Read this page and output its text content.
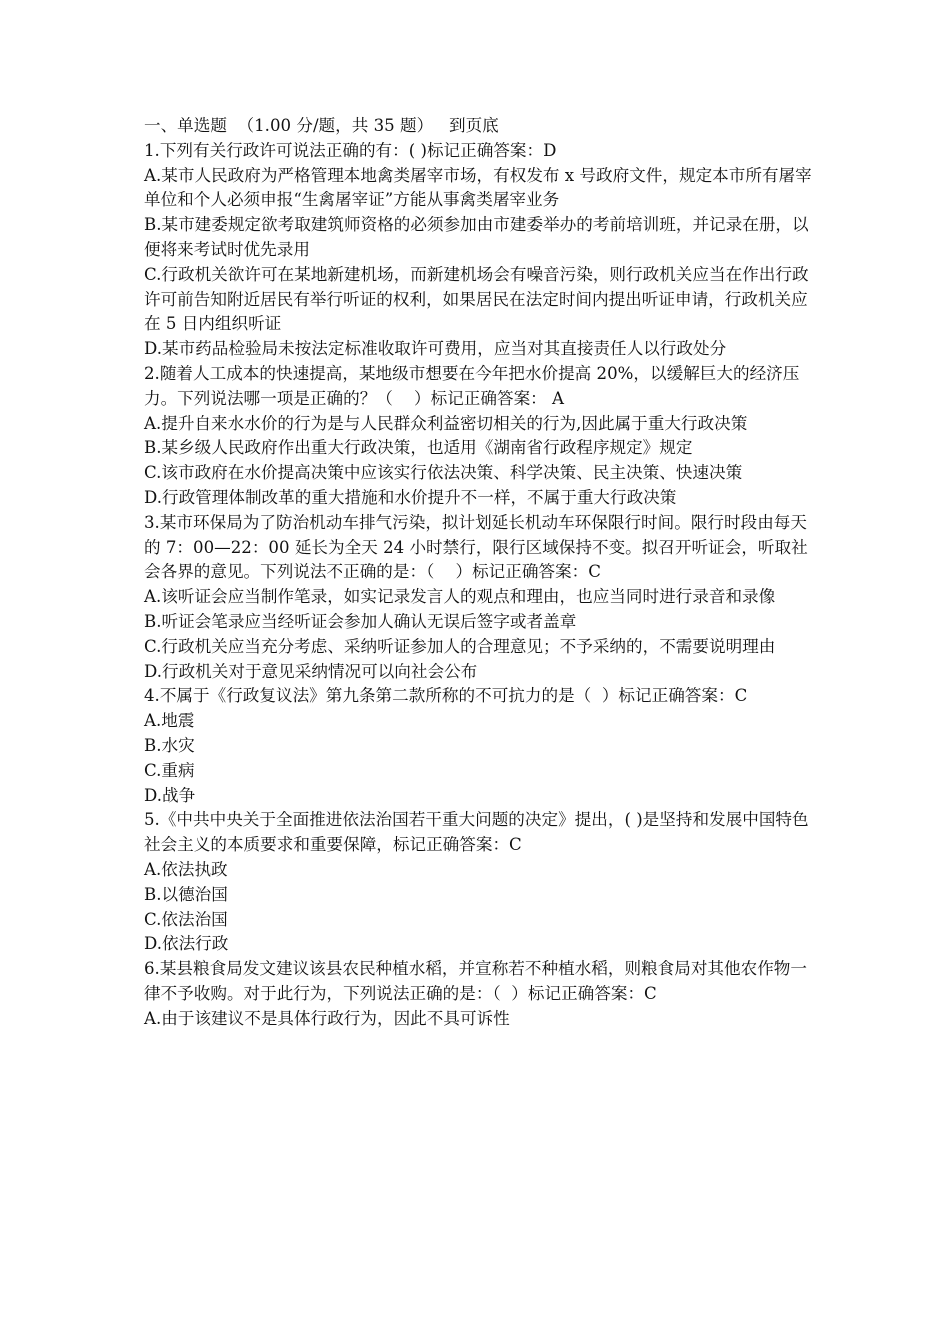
一、单选题 （1.00 分/题，共 35 题） 到页底

1.下列有关行政许可说法正确的有：( )标记正确答案：D

A.某市人民政府为严格管理本地禽类屠宰市场，有权发布 x 号政府文件，规定本市所有屠宰单位和个人必须申报“生禽屠宰证”方能从事禽类屠宰业务

B.某市建委规定欲考取建筑师资格的必须参加由市建委举办的考前培训班，并记录在册，以便将来考试时优先录用

C.行政机关欲许可在某地新建机场，而新建机场会有噪音污染，则行政机关应当在作出行政许可前告知附近居民有举行听证的权利，如果居民在法定时间内提出听证申请，行政机关应在 5 日内组织听证

D.某市药品检验局未按法定标准收取许可费用，应当对其直接责任人以行政处分

2.随着人工成本的快速提高，某地级市想要在今年把水价提高 20%，以缓解巨大的经济压力。下列说法哪一项是正确的？（    ）标记正确答案： A

A.提升自来水水价的行为是与人民群众利益密切相关的行为,因此属于重大行政决策

B.某乡级人民政府作出重大行政决策，也适用《湖南省行政程序规定》规定

C.该市政府在水价提高决策中应该实行依法决策、科学决策、民主决策、快速决策

D.行政管理体制改革的重大措施和水价提升不一样，不属于重大行政决策

3.某市环保局为了防治机动车排气污染，拟计划延长机动车环保限行时间。限行时段由每天的 7：00—22：00 延长为全天 24 小时禁行，限行区域保持不变。拟召开听证会，听取社会各界的意见。下列说法不正确的是：（    ）标记正确答案：C

A.该听证会应当制作笔录，如实记录发言人的观点和理由，也应当同时进行录音和录像

B.听证会笔录应当经听证会参加人确认无误后签字或者盖章

C.行政机关应当充分考虑、采纳听证参加人的合理意见；不予采纳的，不需要说明理由

D.行政机关对于意见采纳情况可以向社会公布

4.不属于《行政复议法》第九条第二款所称的不可抗力的是（  ）标记正确答案：C

A.地震

B.水灾

C.重病

D.战争

5.《中共中央关于全面推进依法治国若干重大问题的决定》提出，( )是坚持和发展中国特色社会主义的本质要求和重要保障，标记正确答案：C

A.依法执政

B.以德治国

C.依法治国

D.依法行政

6.某县粮食局发文建议该县农民种植水稻，并宣称若不种植水稻，则粮食局对其他农作物一律不予收购。对于此行为，下列说法正确的是：（  ）标记正确答案：C

A.由于该建议不是具体行政行为，因此不具可诉性
